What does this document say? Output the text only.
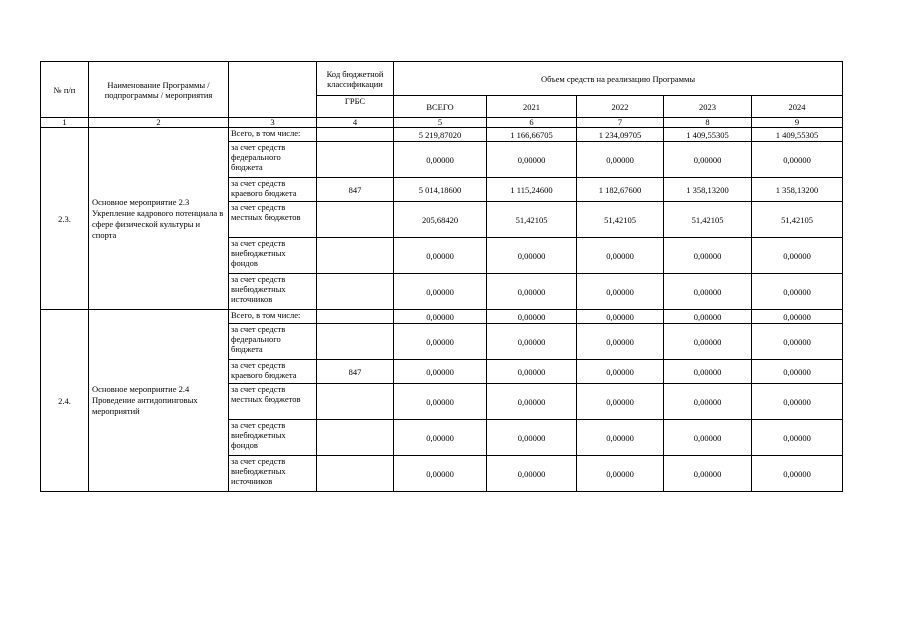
№ п/п	Наименование Программы / подпрограммы / мероприятия		Код бюджетной классификации	Объем средств на реализацию Программы				
			ГРБС	ВСЕГО	2021	2022	2023	2024
1	2	3	4	5	6	7	8	9
2.3.	Основное мероприятие 2.3 Укрепление кадрового потенциала в сфере физической культуры и спорта	Всего, в том числе:		5 219,87020	1 166,66705	1 234,09705	1 409,55305	1 409,55305
		за счет средств федерального бюджета		0,00000	0,00000	0,00000	0,00000	0,00000
		за счет средств краевого бюджета	847	5 014,18600	1 115,24600	1 182,67600	1 358,13200	1 358,13200
		за счет средств местных бюджетов		205,68420	51,42105	51,42105	51,42105	51,42105
		за счет средств внебюджетных фондов		0,00000	0,00000	0,00000	0,00000	0,00000
		за счет средств внебюджетных источников		0,00000	0,00000	0,00000	0,00000	0,00000
2.4.	Основное мероприятие 2.4 Проведение антидопинговых мероприятий	Всего, в том числе:		0,00000	0,00000	0,00000	0,00000	0,00000
		за счет средств федерального бюджета		0,00000	0,00000	0,00000	0,00000	0,00000
		за счет средств краевого бюджета	847	0,00000	0,00000	0,00000	0,00000	0,00000
		за счет средств местных бюджетов		0,00000	0,00000	0,00000	0,00000	0,00000
		за счет средств внебюджетных фондов		0,00000	0,00000	0,00000	0,00000	0,00000
		за счет средств внебюджетных источников		0,00000	0,00000	0,00000	0,00000	0,00000
